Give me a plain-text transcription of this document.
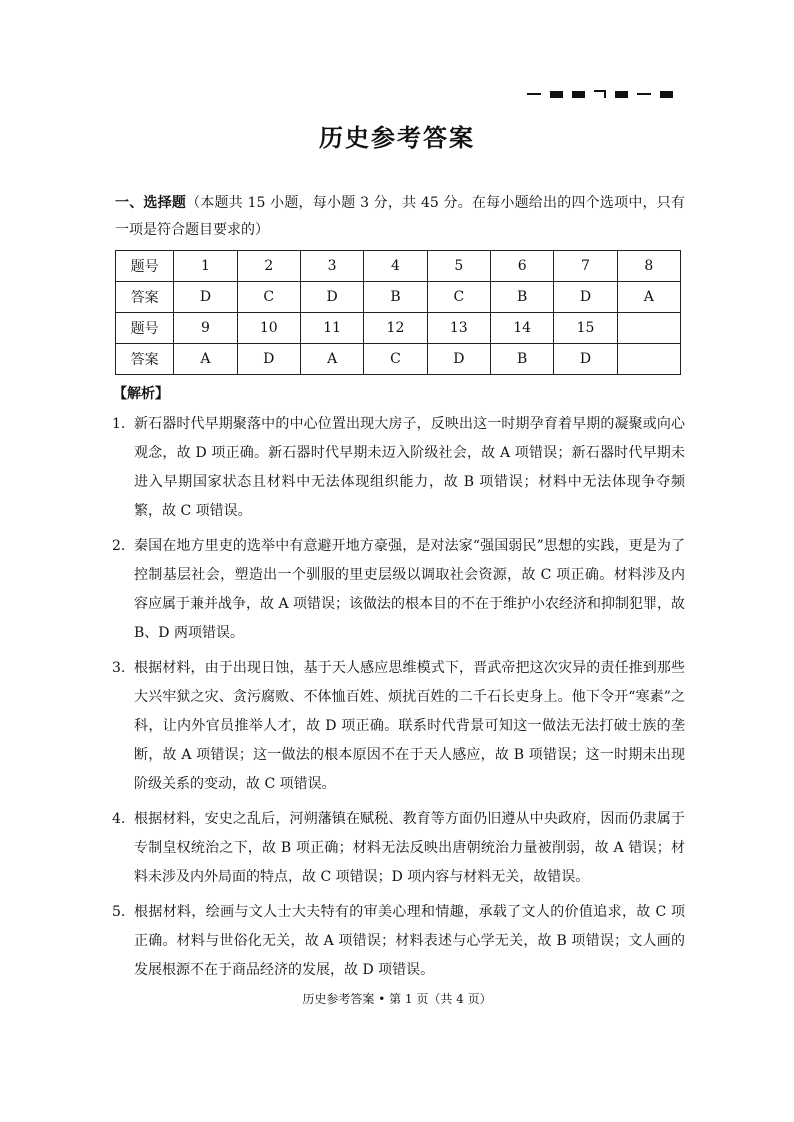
历史参考答案
一、选择题（本题共 15 小题，每小题 3 分，共 45 分。在每小题给出的四个选项中，只有一项是符合题目要求的）
题号	1	2	3	4	5	6	7	8
答案	D	C	D	B	C	B	D	A
题号	9	10	11	12	13	14	15	
答案	A	D	A	C	D	B	D	
【解析】
1. 新石器时代早期聚落中的中心位置出现大房子，反映出这一时期孕育着早期的凝聚或向心观念，故 D 项正确。新石器时代早期未迈入阶级社会，故 A 项错误；新石器时代早期未进入早期国家状态且材料中无法体现组织能力，故 B 项错误；材料中无法体现争夺频繁，故 C 项错误。
2. 秦国在地方里吏的选举中有意避开地方豪强，是对法家“强国弱民”思想的实践，更是为了控制基层社会，塑造出一个驯服的里吏层级以调取社会资源，故 C 项正确。材料涉及内容应属于兼并战争，故 A 项错误；该做法的根本目的不在于维护小农经济和抑制犯罪，故 B、D 两项错误。
3. 根据材料，由于出现日蚀，基于天人感应思维模式下，晋武帝把这次灾异的责任推到那些大兴牢狱之灾、贪污腐败、不体恤百姓、烦扰百姓的二千石长吏身上。他下令开“寒素”之科，让内外官员推举人才，故 D 项正确。联系时代背景可知这一做法无法打破士族的垄断，故 A 项错误；这一做法的根本原因不在于天人感应，故 B 项错误；这一时期未出现阶级关系的变动，故 C 项错误。
4. 根据材料，安史之乱后，河朔藩镇在赋税、教育等方面仍旧遵从中央政府，因而仍隶属于专制皇权统治之下，故 B 项正确；材料无法反映出唐朝统治力量被削弱，故 A 错误；材料未涉及内外局面的特点，故 C 项错误；D 项内容与材料无关，故错误。
5. 根据材料，绘画与文人士大夫特有的审美心理和情趣，承载了文人的价值追求，故 C 项正确。材料与世俗化无关，故 A 项错误；材料表述与心学无关，故 B 项错误；文人画的发展根源不在于商品经济的发展，故 D 项错误。
历史参考答案 • 第 1 页（共 4 页）
